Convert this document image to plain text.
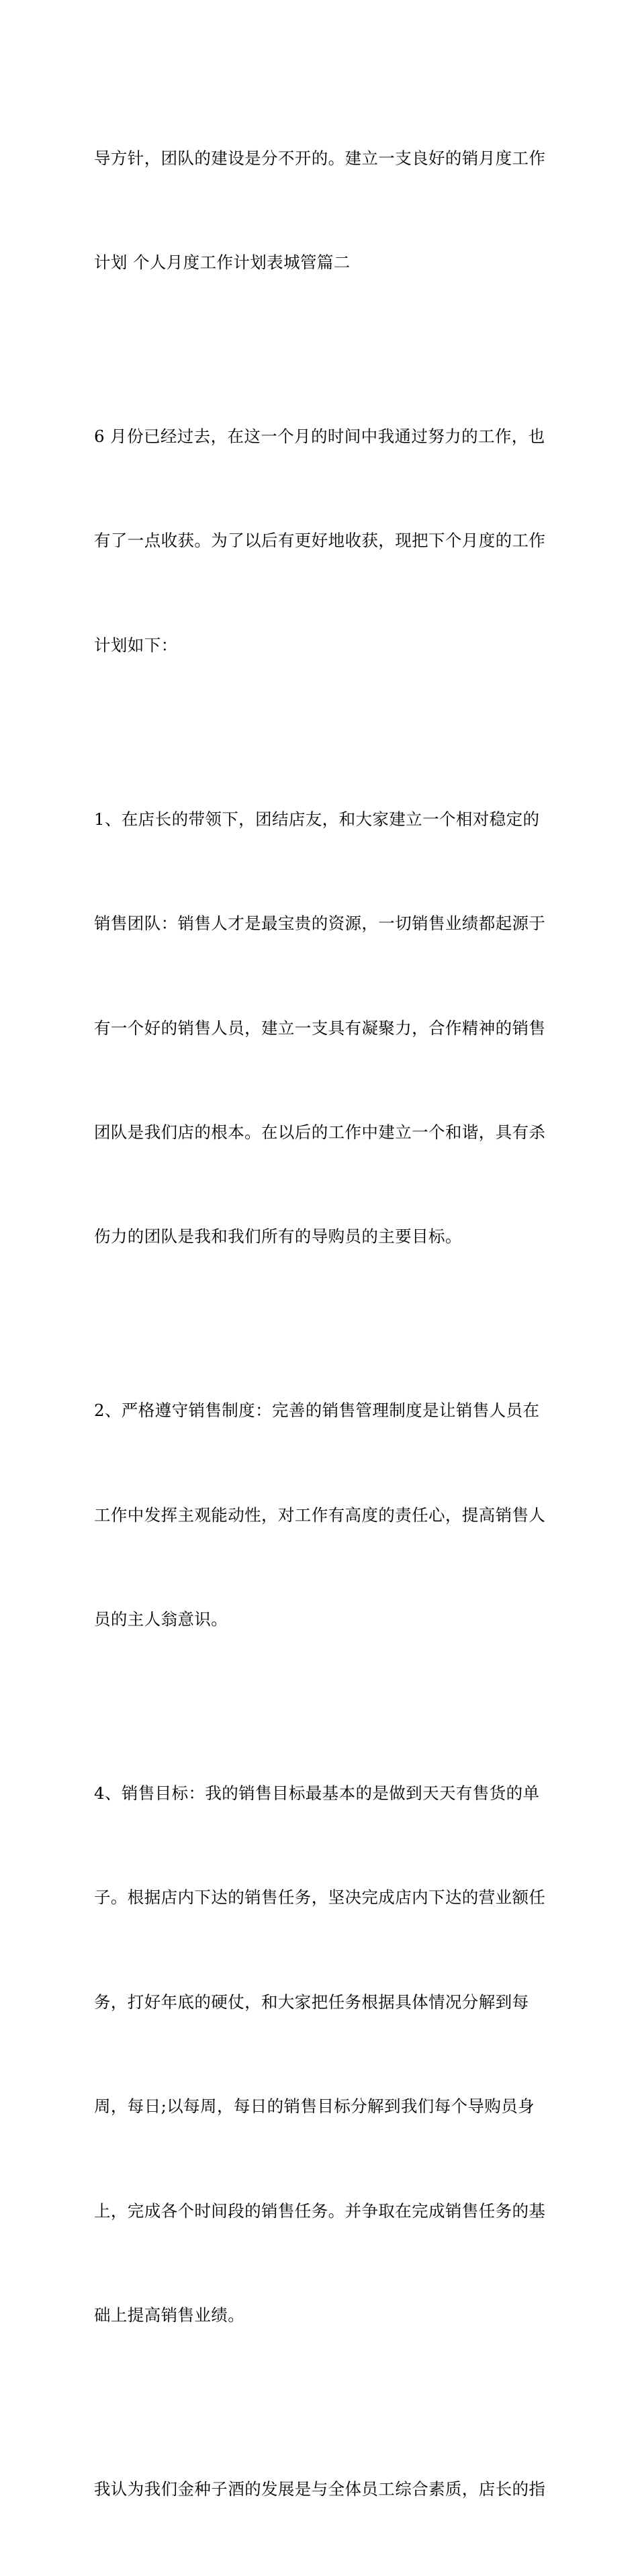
导方针，团队的建设是分不开的。建立一支良好的销月度工作

计划 个人月度工作计划表城管篇二

6 月份已经过去，在这一个月的时间中我通过努力的工作，也

有了一点收获。为了以后有更好地收获，现把下个月度的工作

计划如下：

1、在店长的带领下，团结店友，和大家建立一个相对稳定的

销售团队：销售人才是最宝贵的资源，一切销售业绩都起源于

有一个好的销售人员，建立一支具有凝聚力，合作精神的销售

团队是我们店的根本。在以后的工作中建立一个和谐，具有杀

伤力的团队是我和我们所有的导购员的主要目标。

2、严格遵守销售制度：完善的销售管理制度是让销售人员在

工作中发挥主观能动性，对工作有高度的责任心，提高销售人

员的主人翁意识。

4、销售目标：我的销售目标最基本的是做到天天有售货的单

子。根据店内下达的销售任务，坚决完成店内下达的营业额任

务，打好年底的硬仗，和大家把任务根据具体情况分解到每

周，每日;以每周，每日的销售目标分解到我们每个导购员身

上，完成各个时间段的销售任务。并争取在完成销售任务的基

础上提高销售业绩。

我认为我们金种子酒的发展是与全体员工综合素质，店长的指
